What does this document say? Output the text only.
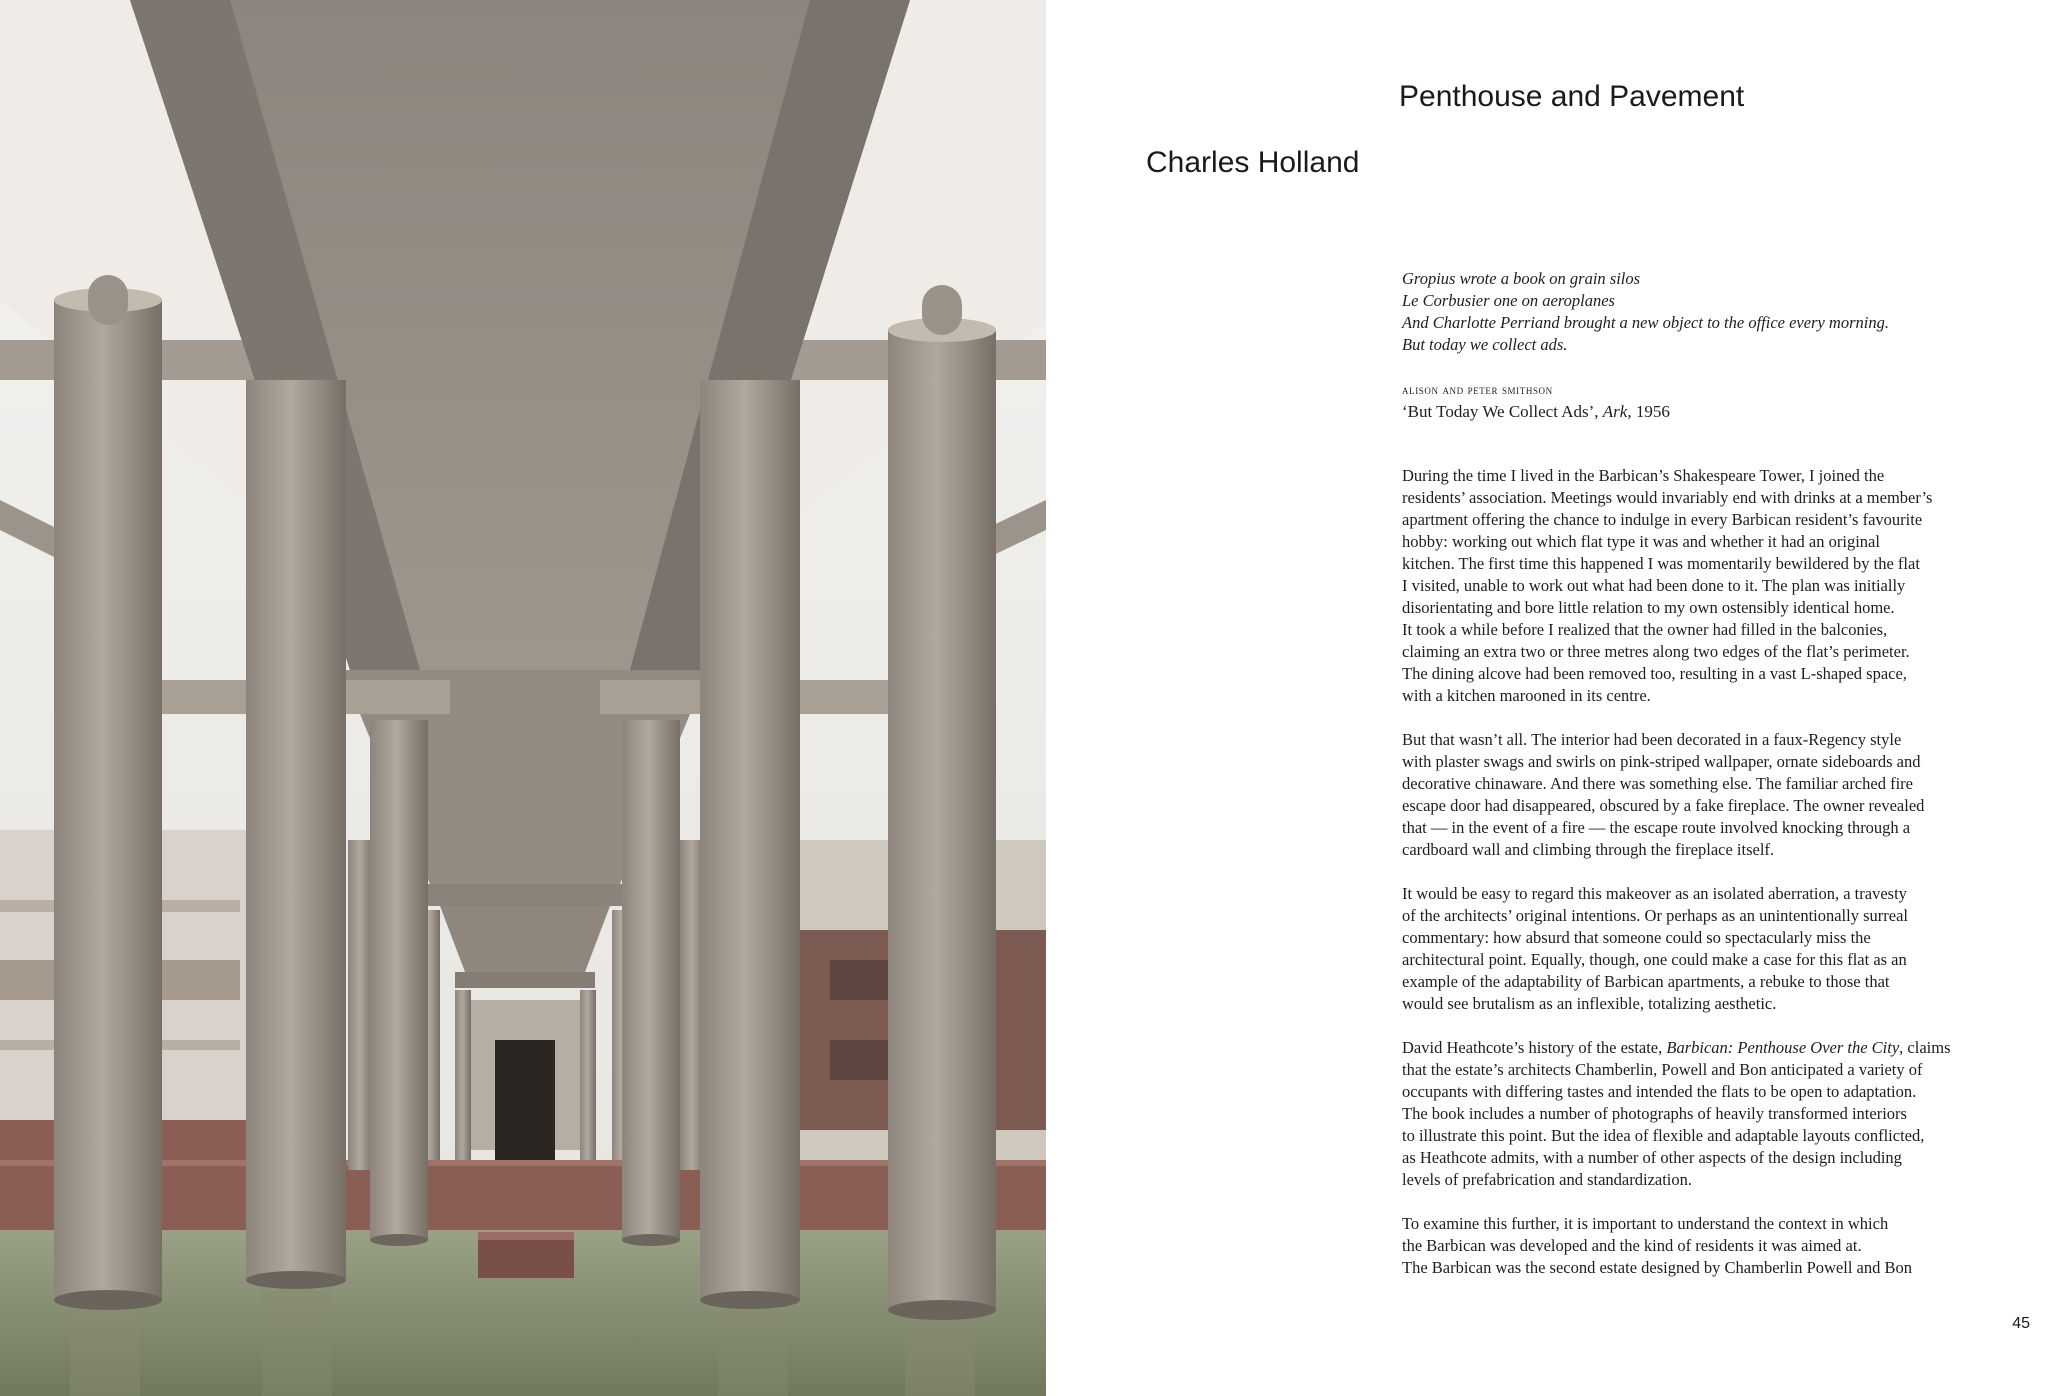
Penthouse and Pavement
Charles Holland
Gropius wrote a book on grain silos
Le Corbusier one on aeroplanes
And Charlotte Perriand brought a new object to the office every morning.
But today we collect ads.
alison and peter smithson
‘But Today We Collect Ads’, Ark, 1956
During the time I lived in the Barbican’s Shakespeare Tower, I joined the
residents’ association. Meetings would invariably end with drinks at a member’s
apartment offering the chance to indulge in every Barbican resident’s favourite
hobby: working out which flat type it was and whether it had an original
kitchen. The first time this happened I was momentarily bewildered by the flat
I visited, unable to work out what had been done to it. The plan was initially
disorientating and bore little relation to my own ostensibly identical home.
It took a while before I realized that the owner had filled in the balconies,
claiming an extra two or three metres along two edges of the flat’s perimeter.
The dining alcove had been removed too, resulting in a vast L-shaped space,
with a kitchen marooned in its centre.
But that wasn’t all. The interior had been decorated in a faux-Regency style
with plaster swags and swirls on pink-striped wallpaper, ornate sideboards and
decorative chinaware. And there was something else. The familiar arched fire
escape door had disappeared, obscured by a fake fireplace. The owner revealed
that — in the event of a fire — the escape route involved knocking through a
cardboard wall and climbing through the fireplace itself.
It would be easy to regard this makeover as an isolated aberration, a travesty
of the architects’ original intentions. Or perhaps as an unintentionally surreal
commentary: how absurd that someone could so spectacularly miss the
architectural point. Equally, though, one could make a case for this flat as an
example of the adaptability of Barbican apartments, a rebuke to those that
would see brutalism as an inflexible, totalizing aesthetic.
David Heathcote’s history of the estate, Barbican: Penthouse Over the City, claims
that the estate’s architects Chamberlin, Powell and Bon anticipated a variety of
occupants with differing tastes and intended the flats to be open to adaptation.
The book includes a number of photographs of heavily transformed interiors
to illustrate this point. But the idea of flexible and adaptable layouts conflicted,
as Heathcote admits, with a number of other aspects of the design including
levels of prefabrication and standardization.
To examine this further, it is important to understand the context in which
the Barbican was developed and the kind of residents it was aimed at.
The Barbican was the second estate designed by Chamberlin Powell and Bon
45
